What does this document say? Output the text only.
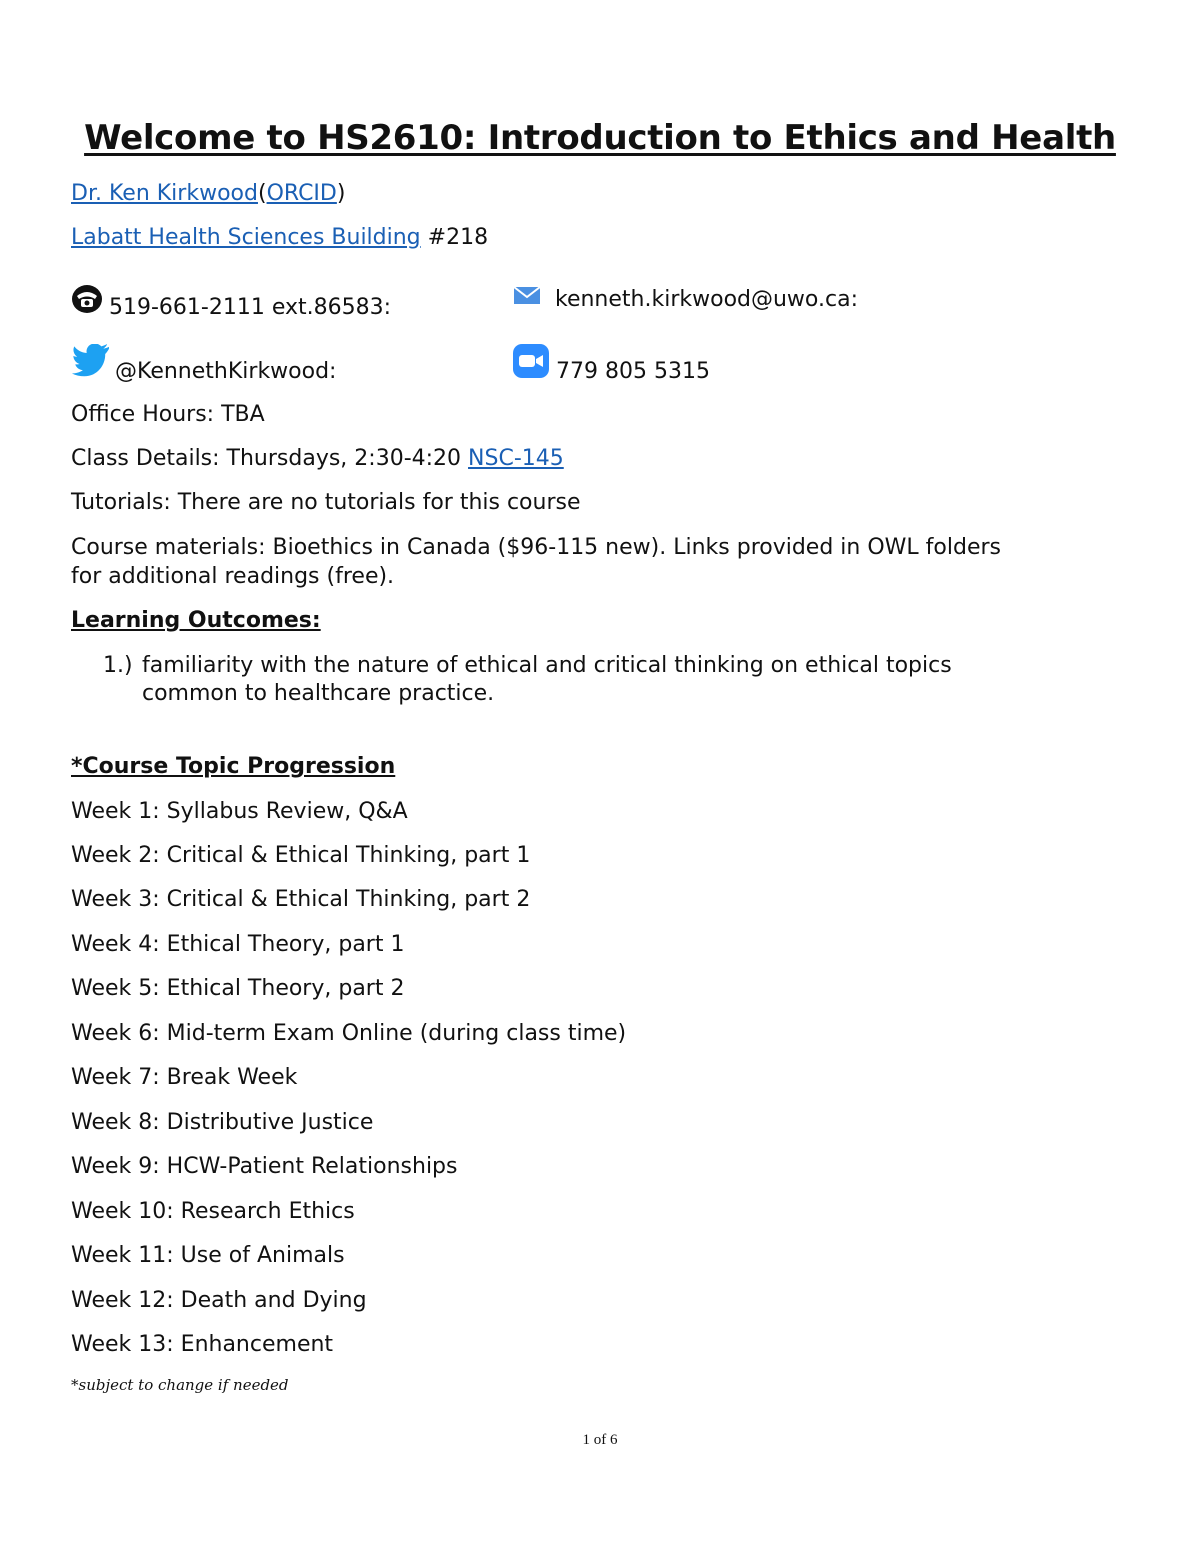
Welcome to HS2610: Introduction to Ethics and Health
Dr. Ken Kirkwood(ORCID)
Labatt Health Sciences Building #218
519-661-2111 ext.86583:	kenneth.kirkwood@uwo.ca:
@KennethKirkwood:	779 805 5315
Office Hours: TBA
Class Details: Thursdays, 2:30-4:20 NSC-145
Tutorials: There are no tutorials for this course
Course materials: Bioethics in Canada ($96-115 new). Links provided in OWL folders
for additional readings (free).
Learning Outcomes:
1.) familiarity with the nature of ethical and critical thinking on ethical topics
common to healthcare practice.
*Course Topic Progression
Week 1: Syllabus Review, Q&A
Week 2: Critical & Ethical Thinking, part 1
Week 3: Critical & Ethical Thinking, part 2
Week 4: Ethical Theory, part 1
Week 5: Ethical Theory, part 2
Week 6: Mid-term Exam Online (during class time)
Week 7: Break Week
Week 8: Distributive Justice
Week 9: HCW-Patient Relationships
Week 10: Research Ethics
Week 11: Use of Animals
Week 12: Death and Dying
Week 13: Enhancement
*subject to change if needed
1 of 6
